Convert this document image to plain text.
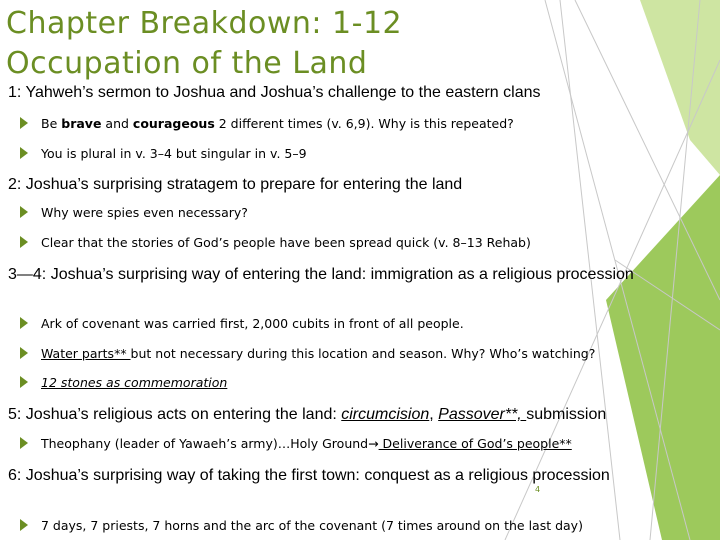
Chapter Breakdown: 1-12
Occupation of the Land
1: Yahweh’s sermon to Joshua and Joshua’s challenge to the eastern clans
Be brave and courageous 2 different times (v. 6,9). Why is this repeated?
You is plural in v. 3–4 but singular in v. 5–9
2: Joshua’s surprising stratagem to prepare for entering the land
Why were spies even necessary?
Clear that the stories of God’s people have been spread quick (v. 8–13 Rehab)
3—4: Joshua’s surprising way of entering the land: immigration as a religious procession
Ark of covenant was carried first, 2,000 cubits in front of all people.
Water parts** but not necessary during this location and season. Why? Who’s watching?
12 stones as commemoration
5: Joshua’s religious acts on entering the land: circumcision, Passover**, submission
Theophany (leader of Yawaeh’s army)…Holy Ground→ Deliverance of God’s people**
6: Joshua’s surprising way of taking the first town: conquest as a religious procession
7 days, 7 priests, 7 horns and the arc of the covenant (7 times around on the last day)
4
